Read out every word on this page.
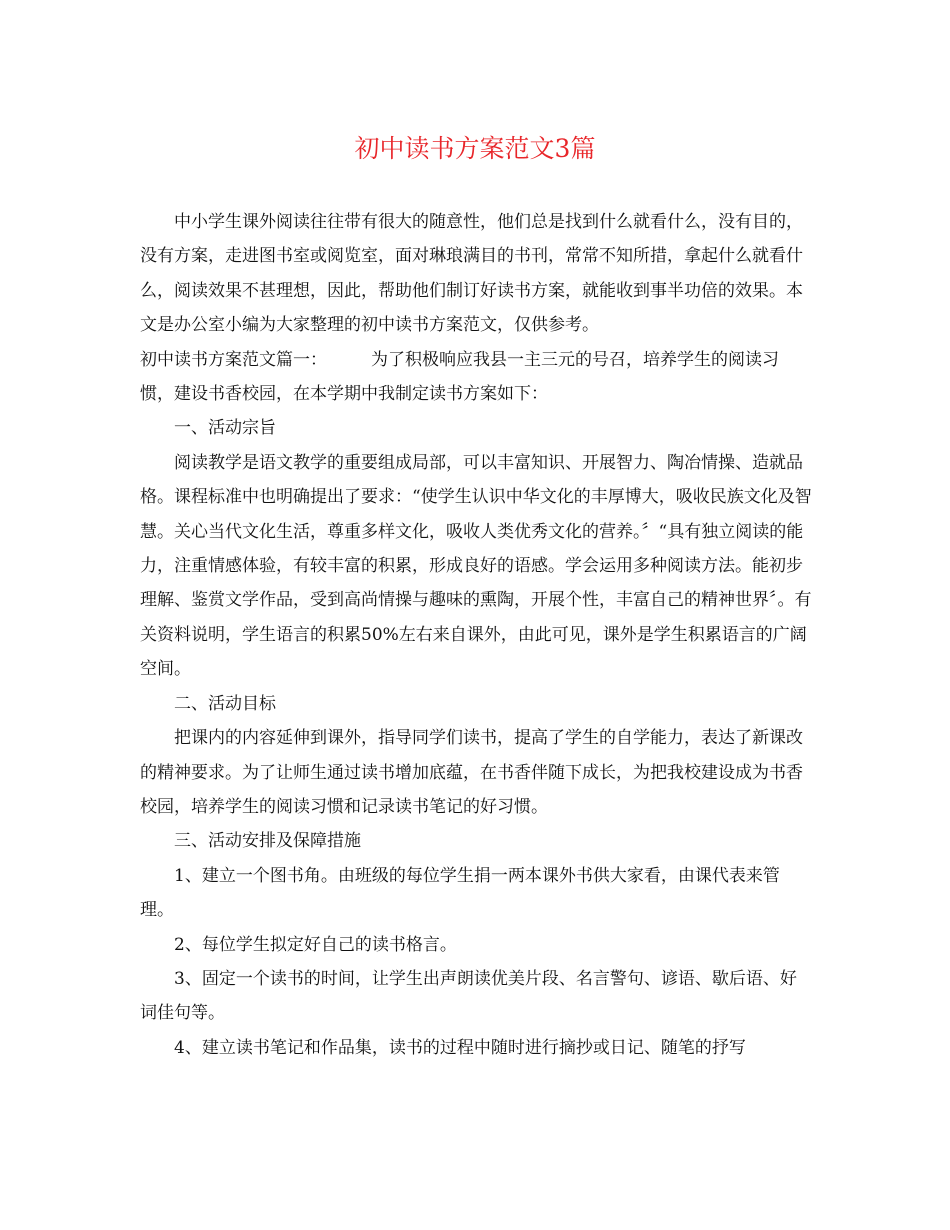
初中读书方案范文3篇

中小学生课外阅读往往带有很大的随意性，他们总是找到什么就看什么，没有目的，没有方案，走进图书室或阅览室，面对琳琅满目的书刊，常常不知所措，拿起什么就看什么，阅读效果不甚理想，因此，帮助他们制订好读书方案，就能收到事半功倍的效果。本文是办公室小编为大家整理的初中读书方案范文，仅供参考。

初中读书方案范文篇一：	为了积极响应我县一主三元的号召，培养学生的阅读习惯，建设书香校园，在本学期中我制定读书方案如下：

一、活动宗旨

阅读教学是语文教学的重要组成局部，可以丰富知识、开展智力、陶冶情操、造就品格。课程标准中也明确提出了要求：“使学生认识中华文化的丰厚博大，吸收民族文化及智慧。关心当代文化生活，尊重多样文化，吸收人类优秀文化的营养。〞“具有独立阅读的能力，注重情感体验，有较丰富的积累，形成良好的语感。学会运用多种阅读方法。能初步理解、鉴赏文学作品，受到高尚情操与趣味的熏陶，开展个性，丰富自己的精神世界〞。有关资料说明，学生语言的积累50%左右来自课外，由此可见，课外是学生积累语言的广阔空间。

二、活动目标

把课内的内容延伸到课外，指导同学们读书，提高了学生的自学能力，表达了新课改的精神要求。为了让师生通过读书增加底蕴，在书香伴随下成长，为把我校建设成为书香校园，培养学生的阅读习惯和记录读书笔记的好习惯。

三、活动安排及保障措施

1、建立一个图书角。由班级的每位学生捐一两本课外书供大家看，由课代表来管理。

2、每位学生拟定好自己的读书格言。

3、固定一个读书的时间，让学生出声朗读优美片段、名言警句、谚语、歇后语、好词佳句等。

4、建立读书笔记和作品集，读书的过程中随时进行摘抄或日记、随笔的抒写
